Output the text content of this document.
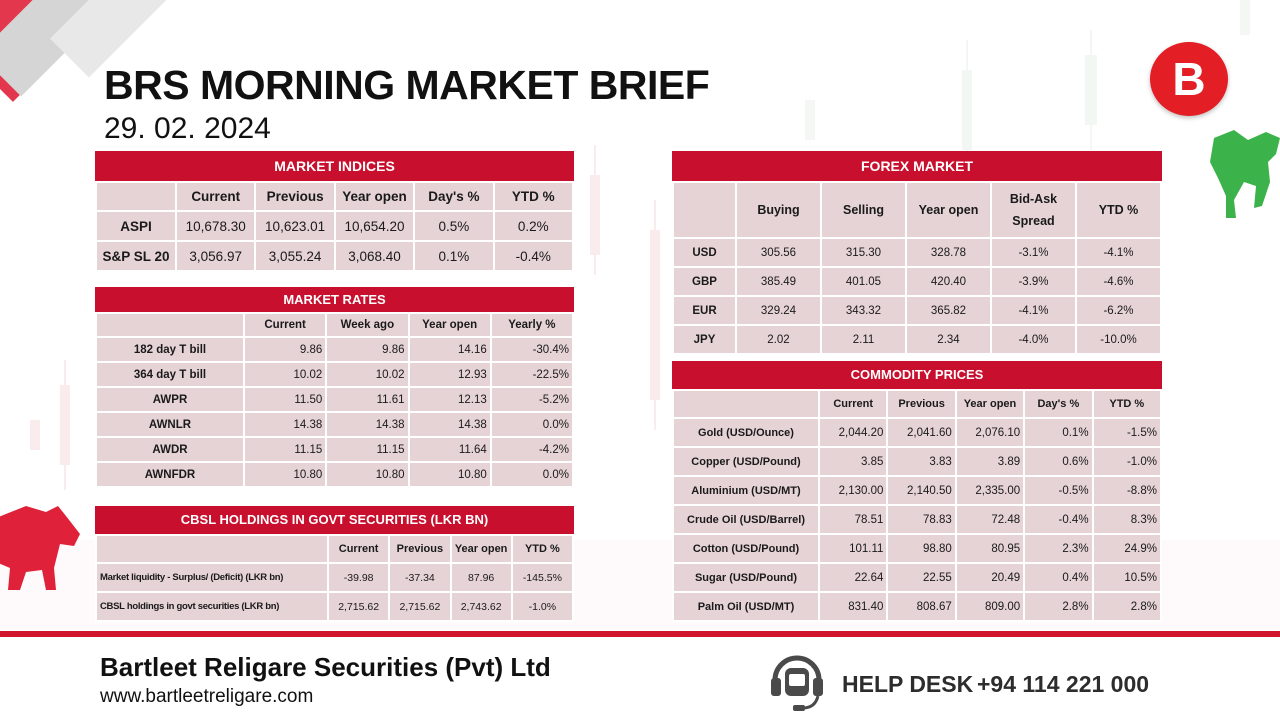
BRS MORNING MARKET BRIEF
29. 02. 2024
B
MARKET INDICES
	Current	Previous	Year open	Day's %	YTD %
ASPI	10,678.30	10,623.01	10,654.20	0.5%	0.2%
S&P SL 20	3,056.97	3,055.24	3,068.40	0.1%	-0.4%
MARKET RATES
	Current	Week ago	Year open	Yearly %
182 day T bill	9.86	9.86	14.16	-30.4%
364 day T bill	10.02	10.02	12.93	-22.5%
AWPR	11.50	11.61	12.13	-5.2%
AWNLR	14.38	14.38	14.38	0.0%
AWDR	11.15	11.15	11.64	-4.2%
AWNFDR	10.80	10.80	10.80	0.0%
CBSL HOLDINGS IN GOVT SECURITIES (LKR BN)
	Current	Previous	Year open	YTD %
Market liquidity - Surplus/ (Deficit) (LKR bn)	-39.98	-37.34	87.96	-145.5%
CBSL holdings in govt securities (LKR bn)	2,715.62	2,715.62	2,743.62	-1.0%
FOREX MARKET
	Buying	Selling	Year open	Bid-Ask Spread	YTD %
USD	305.56	315.30	328.78	-3.1%	-4.1%
GBP	385.49	401.05	420.40	-3.9%	-4.6%
EUR	329.24	343.32	365.82	-4.1%	-6.2%
JPY	2.02	2.11	2.34	-4.0%	-10.0%
COMMODITY PRICES
	Current	Previous	Year open	Day's %	YTD %
Gold (USD/Ounce)	2,044.20	2,041.60	2,076.10	0.1%	-1.5%
Copper (USD/Pound)	3.85	3.83	3.89	0.6%	-1.0%
Aluminium (USD/MT)	2,130.00	2,140.50	2,335.00	-0.5%	-8.8%
Crude Oil (USD/Barrel)	78.51	78.83	72.48	-0.4%	8.3%
Cotton (USD/Pound)	101.11	98.80	80.95	2.3%	24.9%
Sugar (USD/Pound)	22.64	22.55	20.49	0.4%	10.5%
Palm Oil (USD/MT)	831.40	808.67	809.00	2.8%	2.8%
Bartleet Religare Securities (Pvt) Ltd
www.bartleetreligare.com	HELP DESK +94 114 221 000
